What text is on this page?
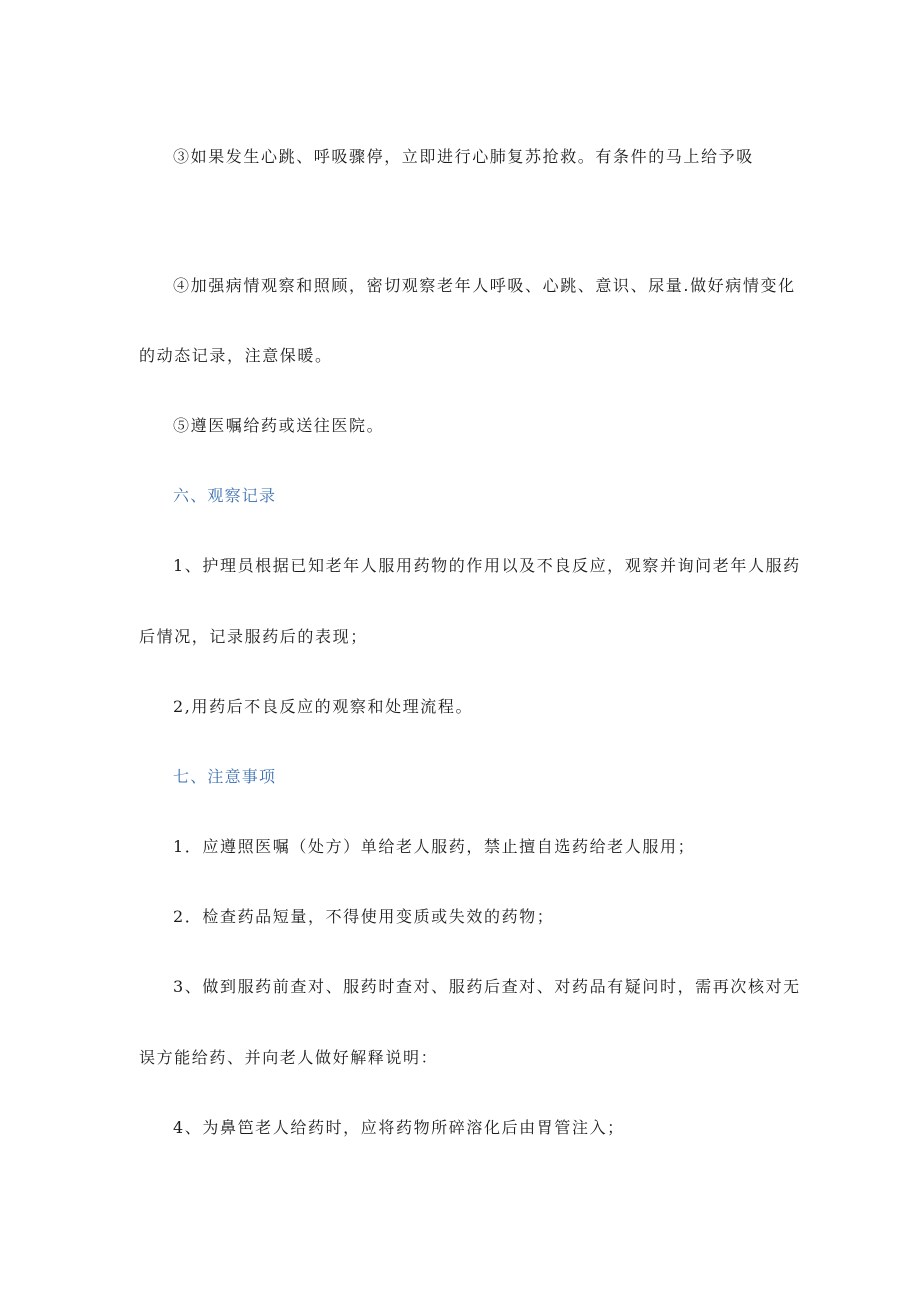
③如果发生心跳、呼吸骤停，立即进行心肺复苏抢救。有条件的马上给予吸
④加强病情观察和照顾，密切观察老年人呼吸、心跳、意识、尿量.做好病情变化
的动态记录，注意保暖。
⑤遵医嘱给药或送往医院。
六、观察记录
1、护理员根据已知老年人服用药物的作用以及不良反应，观察并询问老年人服药
后情况，记录服药后的表现；
2,用药后不良反应的观察和处理流程。
七、注意事项
1．应遵照医嘱（处方）单给老人服药，禁止擅自选药给老人服用；
2．检查药品短量，不得使用变质或失效的药物；
3、做到服药前查对、服药时查对、服药后查对、对药品有疑问时，需再次核对无
误方能给药、并向老人做好解释说明：
4、为鼻笆老人给药时，应将药物所碎溶化后由胃管注入；
